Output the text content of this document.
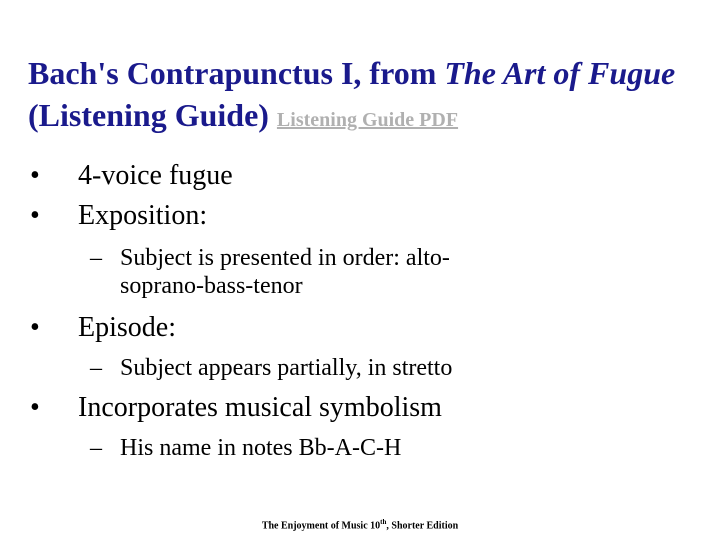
Bach's Contrapunctus I, from The Art of Fugue (Listening Guide) Listening Guide PDF
•	4-voice fugue
•	Exposition:
– Subject is presented in order: alto-soprano-bass-tenor
•	Episode:
– Subject appears partially, in stretto
•	Incorporates musical symbolism
– His name in notes Bb-A-C-H
The Enjoyment of Music 10th, Shorter Edition
